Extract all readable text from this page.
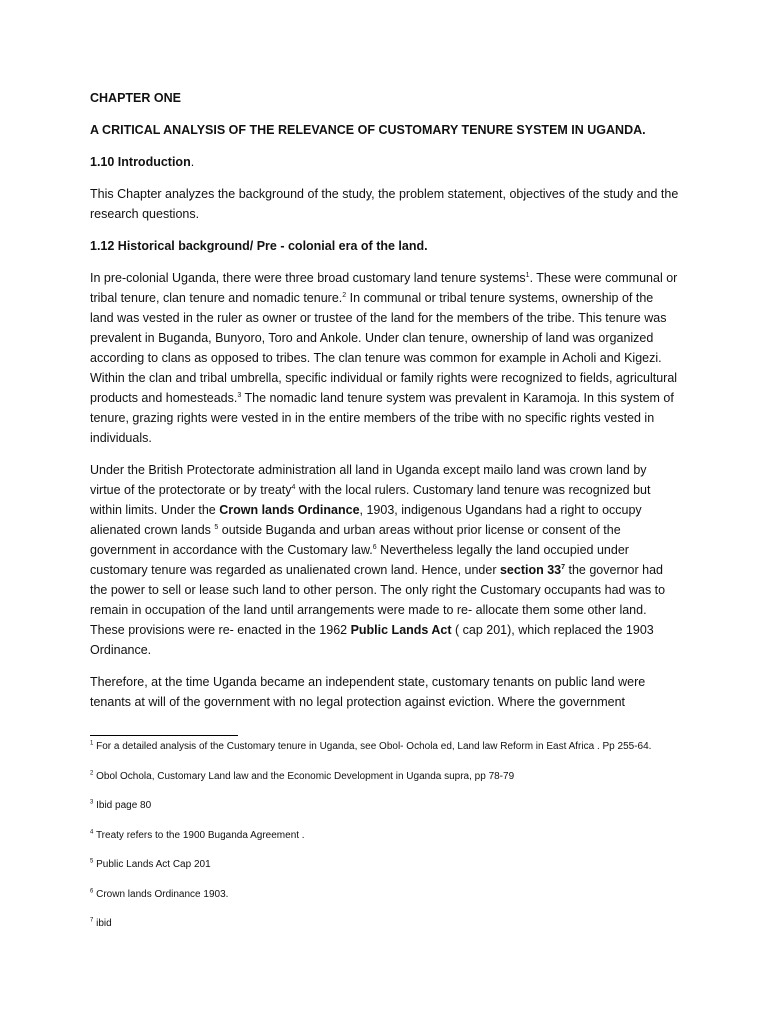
CHAPTER ONE
A CRITICAL ANALYSIS OF THE RELEVANCE OF CUSTOMARY TENURE SYSTEM IN UGANDA.
1.10 Introduction.

This Chapter analyzes the background of the study, the problem statement, objectives of the study and the research questions.

1.12 Historical background/ Pre - colonial era of the land.

In pre-colonial Uganda, there were three broad customary land tenure systems$^1$. These were communal or tribal tenure, clan tenure and nomadic tenure.$^2$ In communal or tribal tenure systems, ownership of the land was vested in the ruler as owner or trustee of the land for the members of the tribe. This tenure was prevalent in Buganda, Bunyoro, Toro and Ankole. Under clan tenure, ownership of land was organized according to clans as opposed to tribes. The clan tenure was common for example in Acholi and Kigezi. Within the clan and tribal umbrella, specific individual or family rights were recognized to fields, agricultural products and homesteads.$^3$ The nomadic land tenure system was prevalent in Karamoja. In this system of tenure, grazing rights were vested in in the entire members of the tribe with no specific rights vested in individuals.

Under the British Protectorate administration all land in Uganda except mailo land was crown land by virtue of the protectorate or by treaty$^4$ with the local rulers. Customary land tenure was recognized but within limits. Under the Crown lands Ordinance, 1903, indigenous Ugandans had a right to occupy alienated crown lands $^5$ outside Buganda and urban areas without prior license or consent of the government in accordance with the Customary law.$^6$ Nevertheless legally the land occupied under customary tenure was regarded as unalienated crown land. Hence, under section $33^7$ the governor had the power to sell or lease such land to other person. The only right the Customary occupants had was to remain in occupation of the land until arrangements were made to re- allocate them some other land. These provisions were re- enacted in the 1962 Public Lands Act ( cap 201), which replaced the 1903 Ordinance.

Therefore, at the time Uganda became an independent state, customary tenants on public land were tenants at will of the government with no legal protection against eviction. Where the government

$^1$ For a detailed analysis of the Customary tenure in Uganda, see Obol- Ochola ed, Land law Reform in East Africa . Pp 255-64.

$^2$ Obol Ochola, Customary Land law and the Economic Development in Uganda supra, pp 78-79

$^3$ Ibid page 80

$^4$ Treaty refers to the 1900 Buganda Agreement .

$^5$ Public Lands Act Cap 201

$^6$ Crown lands Ordinance 1903.

$^7$ ibid
